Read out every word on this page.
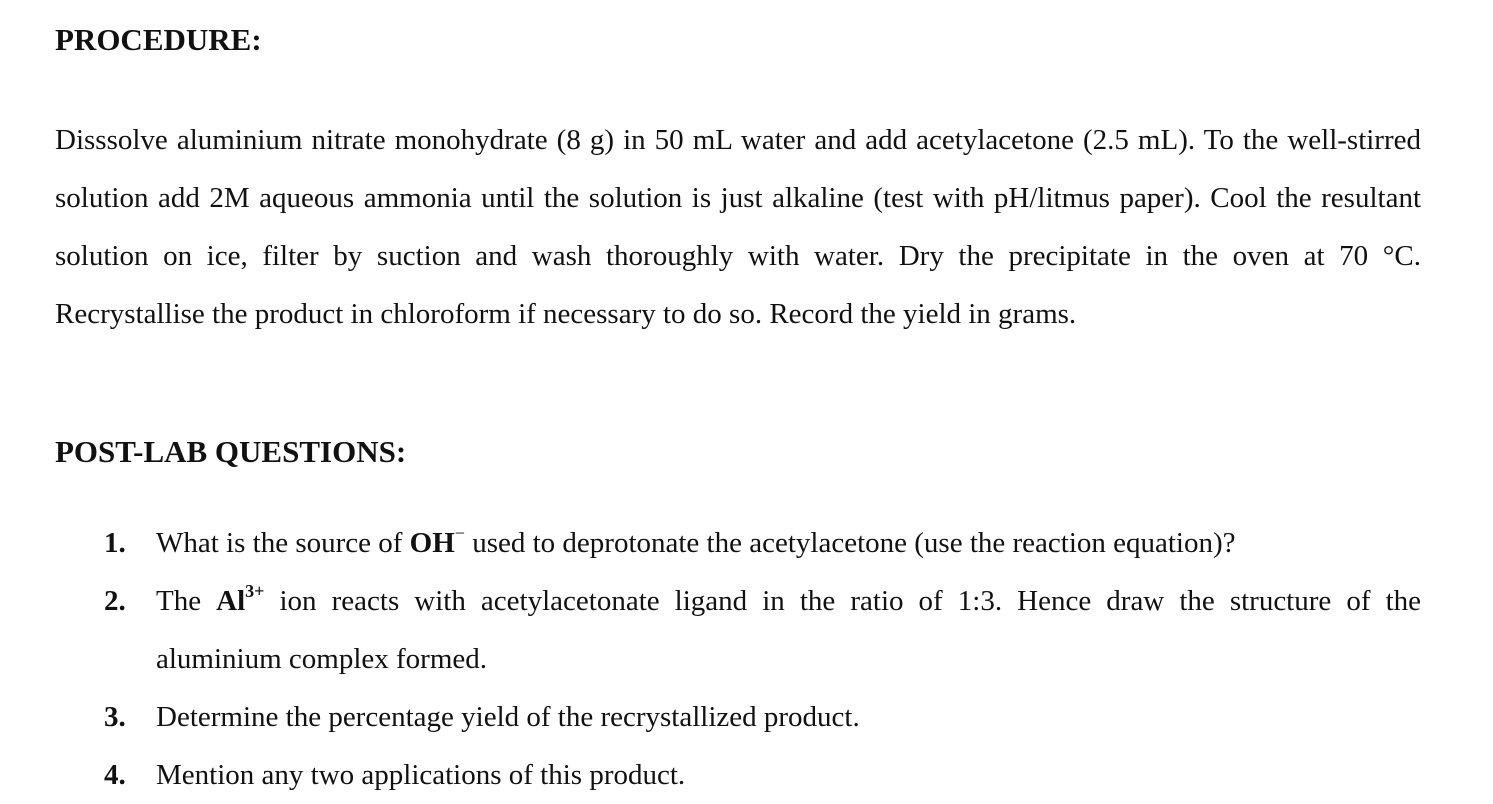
PROCEDURE:

Disssolve aluminium nitrate monohydrate (8 g) in 50 mL water and add acetylacetone (2.5 mL). To the well-stirred solution add 2M aqueous ammonia until the solution is just alkaline (test with pH/litmus paper). Cool the resultant solution on ice, filter by suction and wash thoroughly with water. Dry the precipitate in the oven at 70 °C. Recrystallise the product in chloroform if necessary to do so. Record the yield in grams.

POST-LAB QUESTIONS:
1. What is the source of OH− used to deprotonate the acetylacetone (use the reaction equation)?
2. The $Al^{3+}$ ion reacts with acetylacetonate ligand in the ratio of 1:3. Hence draw the structure of the aluminium complex formed.
3. Determine the percentage yield of the recrystallized product.
4. Mention any two applications of this product.
